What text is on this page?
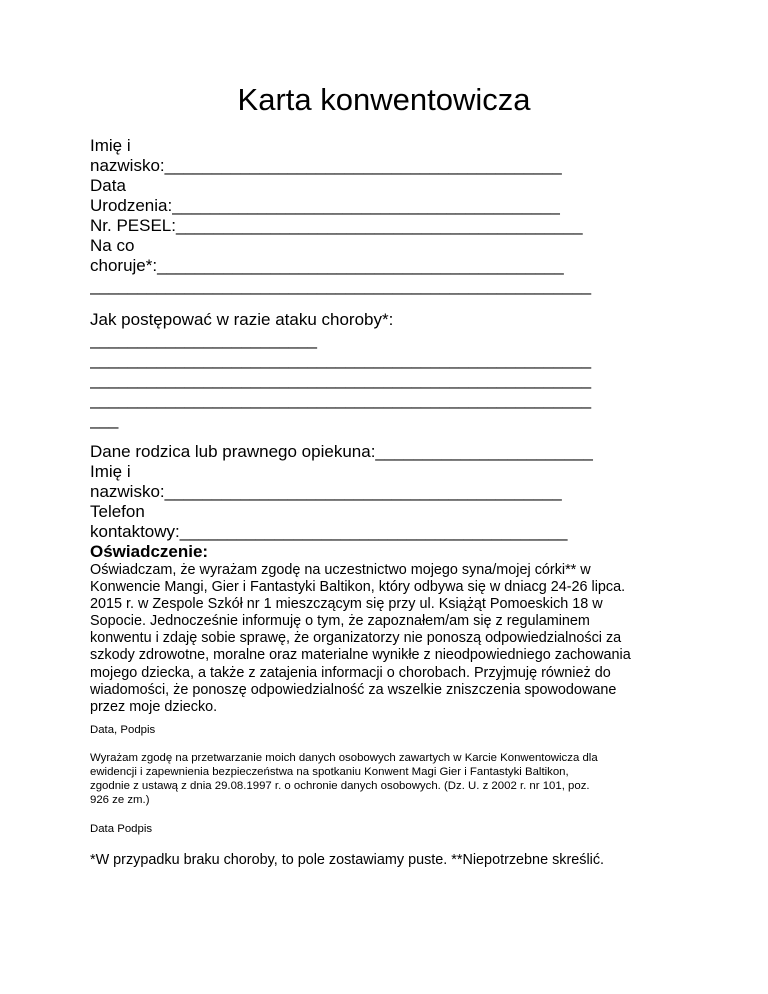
Karta konwentowicza
Imię i
nazwisko:__________________________________________
Data
Urodzenia:_________________________________________
Nr. PESEL:___________________________________________
Na co
choruje*:___________________________________________
_____________________________________________________
Jak postępować w razie ataku choroby*:
________________________
_____________________________________________________
_____________________________________________________
_____________________________________________________
___
Dane rodzica lub prawnego opiekuna:_______________________
Imię i
nazwisko:__________________________________________
Telefon
kontaktowy:_________________________________________
Oświadczenie:
Oświadczam, że wyrażam zgodę na uczestnictwo mojego syna/mojej córki** w
Konwencie Mangi, Gier i Fantastyki Baltikon, który odbywa się w dniacg 24-26 lipca.
2015 r. w Zespole Szkół nr 1 mieszczącym się przy ul. Książąt Pomoeskich 18 w
Sopocie. Jednocześnie informuję o tym, że zapoznałem/am się z regulaminem
konwentu i zdaję sobie sprawę, że organizatorzy nie ponoszą odpowiedzialności za
szkody zdrowotne, moralne oraz materialne wynikłe z nieodpowiedniego zachowania
mojego dziecka, a także z zatajenia informacji o chorobach. Przyjmuję również do
wiadomości, że ponoszę odpowiedzialność za wszelkie zniszczenia spowodowane
przez moje dziecko.
Data, Podpis
Wyrażam zgodę na przetwarzanie moich danych osobowych zawartych w Karcie Konwentowicza dla
ewidencji i zapewnienia bezpieczeństwa na spotkaniu Konwent Magi Gier i Fantastyki Baltikon,
zgodnie z ustawą z dnia 29.08.1997 r. o ochronie danych osobowych. (Dz. U. z 2002 r. nr 101, poz.
926 ze zm.)
Data Podpis
*W przypadku braku choroby, to pole zostawiamy puste. **Niepotrzebne skreślić.
